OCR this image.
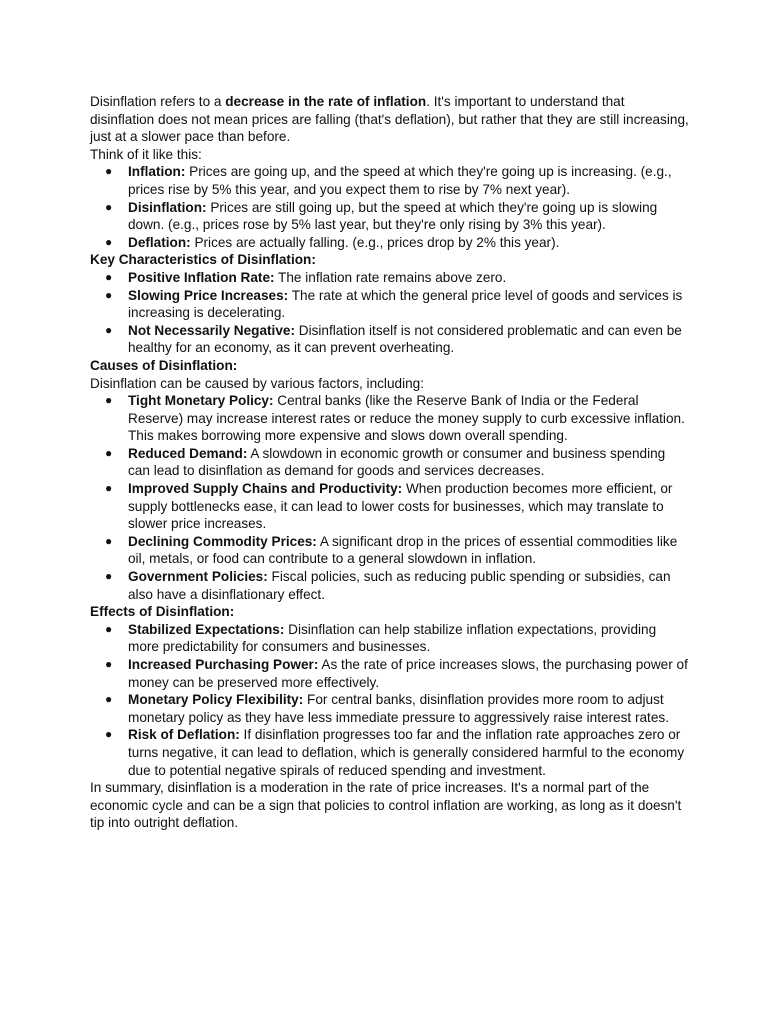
Disinflation refers to a decrease in the rate of inflation. It's important to understand that disinflation does not mean prices are falling (that's deflation), but rather that they are still increasing, just at a slower pace than before.

Think of it like this:

● Inflation: Prices are going up, and the speed at which they're going up is increasing. (e.g., prices rise by 5% this year, and you expect them to rise by 7% next year).
● Disinflation: Prices are still going up, but the speed at which they're going up is slowing down. (e.g., prices rose by 5% last year, but they're only rising by 3% this year).
● Deflation: Prices are actually falling. (e.g., prices drop by 2% this year).

Key Characteristics of Disinflation:

● Positive Inflation Rate: The inflation rate remains above zero.
● Slowing Price Increases: The rate at which the general price level of goods and services is increasing is decelerating.
● Not Necessarily Negative: Disinflation itself is not considered problematic and can even be healthy for an economy, as it can prevent overheating.

Causes of Disinflation:

Disinflation can be caused by various factors, including:

● Tight Monetary Policy: Central banks (like the Reserve Bank of India or the Federal Reserve) may increase interest rates or reduce the money supply to curb excessive inflation. This makes borrowing more expensive and slows down overall spending.
● Reduced Demand: A slowdown in economic growth or consumer and business spending can lead to disinflation as demand for goods and services decreases.
● Improved Supply Chains and Productivity: When production becomes more efficient, or supply bottlenecks ease, it can lead to lower costs for businesses, which may translate to slower price increases.
● Declining Commodity Prices: A significant drop in the prices of essential commodities like oil, metals, or food can contribute to a general slowdown in inflation.
● Government Policies: Fiscal policies, such as reducing public spending or subsidies, can also have a disinflationary effect.

Effects of Disinflation:

● Stabilized Expectations: Disinflation can help stabilize inflation expectations, providing more predictability for consumers and businesses.
● Increased Purchasing Power: As the rate of price increases slows, the purchasing power of money can be preserved more effectively.
● Monetary Policy Flexibility: For central banks, disinflation provides more room to adjust monetary policy as they have less immediate pressure to aggressively raise interest rates.
● Risk of Deflation: If disinflation progresses too far and the inflation rate approaches zero or turns negative, it can lead to deflation, which is generally considered harmful to the economy due to potential negative spirals of reduced spending and investment.

In summary, disinflation is a moderation in the rate of price increases. It's a normal part of the economic cycle and can be a sign that policies to control inflation are working, as long as it doesn't tip into outright deflation.
